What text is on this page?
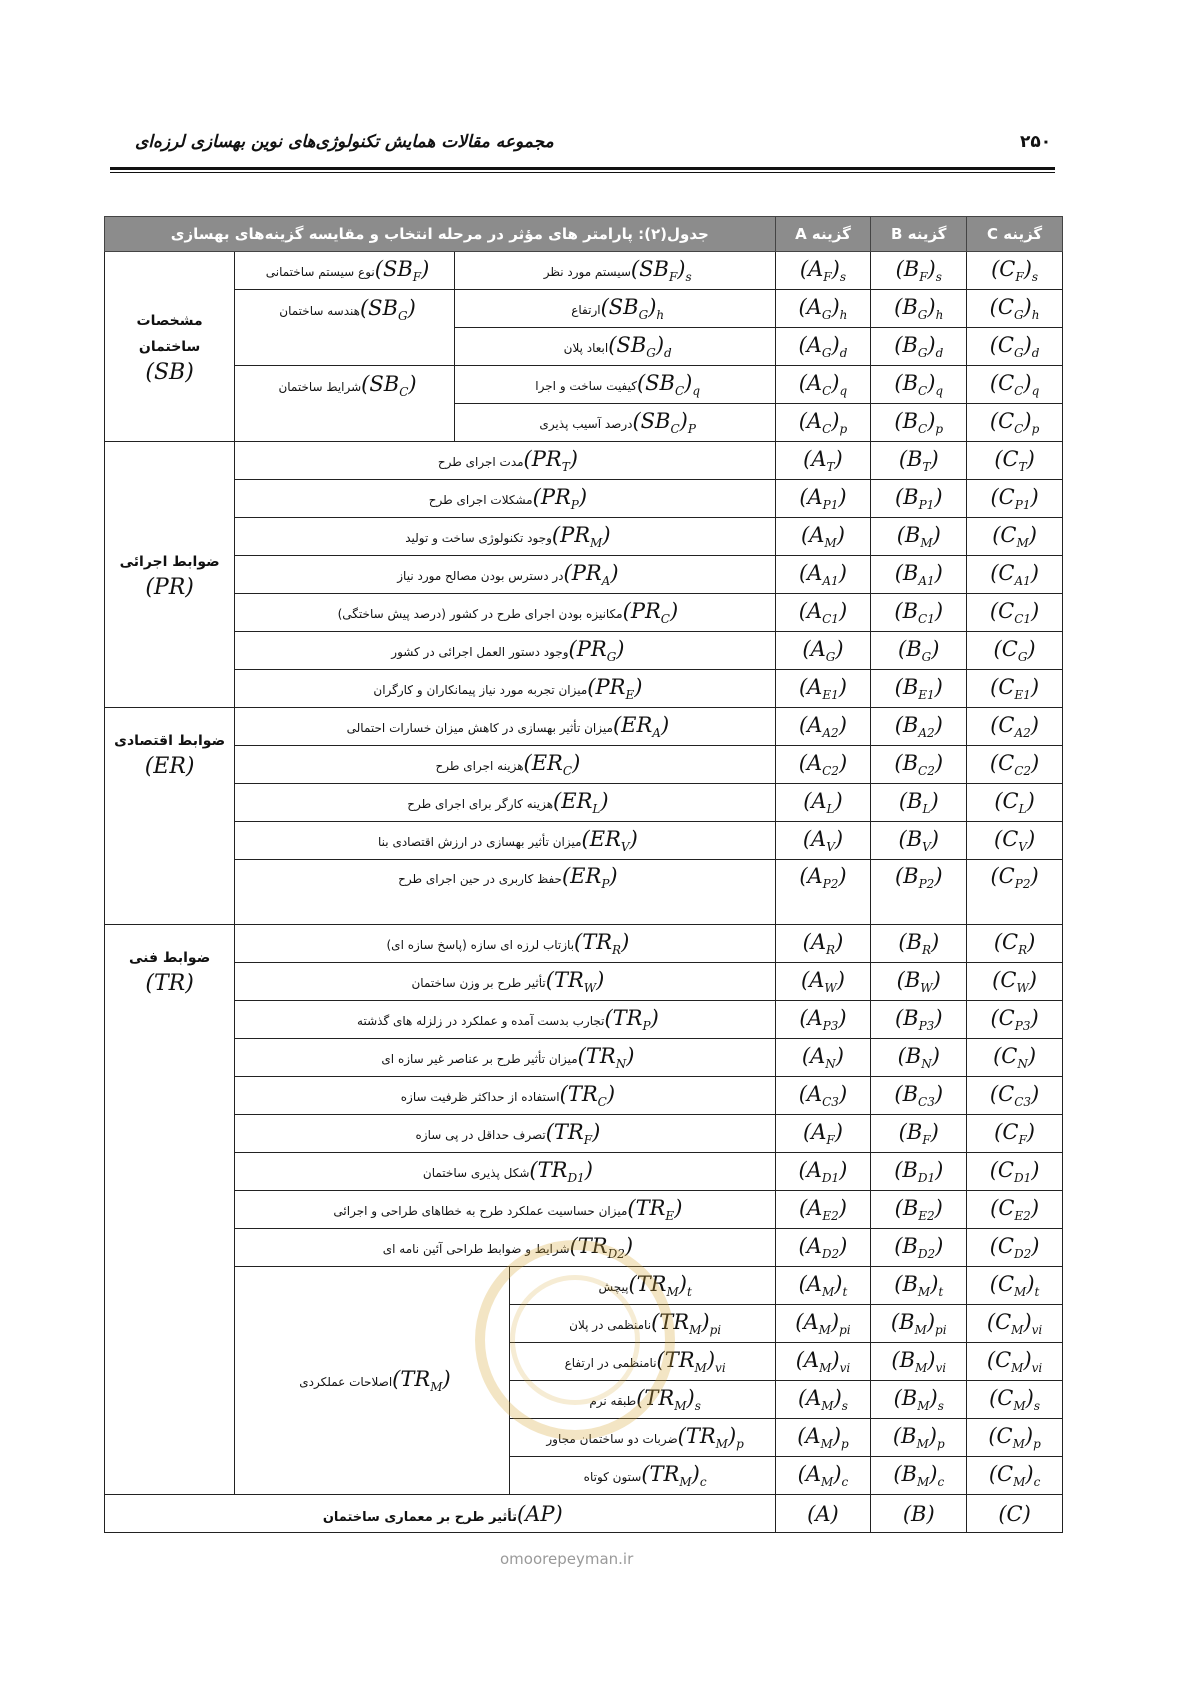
۲۵۰
مجموعه مقالات همایش تکنولوژی‌های نوین بهسازی لرزه‌ای
جدول(۲): پارامتر های مؤثر در مرحله انتخاب و مقایسه گزینه‌های بهسازی				گزینه A	گزینه B	گزینه C
مشخصات ساختمان
(SB)	نوع سیستم $ساختمانی(SB_F)$	سیستم مورد $نظر(SB_F)_s$		$(A_F)_s$	$(B_F)_s$	$(C_F)_s$
	هندسه $ساختمان(SB_G)$	$ارتفاع(SB_G)_h$		$(A_G)_h$	$(B_G)_h$	$(C_G)_h$
		ابعاد $پلان(SB_G)_d$		$(A_G)_d$	$(B_G)_d$	$(C_G)_d$
	شرایط $ساختمان(SB_C)$	کیفیت ساخت و $اجرا(SB_C)_q$		$(A_C)_q$	$(B_C)_q$	$(C_C)_q$
		درصد آسیب $پذیری(SB_C)_P$		$(A_C)_p$	$(B_C)_p$	$(C_C)_p$
ضوابط اجرائی
(PR)	مدت اجرای $طرح(PR_T)$			$(A_T)$	$(B_T)$	$(C_T)$
	مشکلات اجرای $طرح(PR_P)$			$(A_{P1})$	$(B_{P1})$	$(C_{P1})$
	وجود تکنولوژی ساخت و $تولید(PR_M)$			$(A_M)$	$(B_M)$	$(C_M)$
	در دسترس بودن مصالح مورد $نیاز(PR_A)$			$(A_{A1})$	$(B_{A1})$	$(C_{A1})$
	مکانیزه بودن اجرای طرح در کشور (درصد پیش $ساختگی)(PR_C)$			$(A_{C1})$	$(B_{C1})$	$(C_{C1})$
	وجود دستور العمل اجرائی در $کشور(PR_G)$			$(A_G)$	$(B_G)$	$(C_G)$
	میزان تجربه مورد نیاز پیمانکاران و $کارگران(PR_E)$			$(A_{E1})$	$(B_{E1})$	$(C_{E1})$
ضوابط اقتصادی
(ER)	میزان تأثیر بهسازی در کاهش میزان خسارات $احتمالی(ER_A)$			$(A_{A2})$	$(B_{A2})$	$(C_{A2})$
	هزینه اجرای $طرح(ER_C)$			$(A_{C2})$	$(B_{C2})$	$(C_{C2})$
	هزینه کارگر برای اجرای $طرح(ER_L)$			$(A_L)$	$(B_L)$	$(C_L)$
	میزان تأثیر بهسازی در ارزش اقتصادی $بنا(ER_V)$			$(A_V)$	$(B_V)$	$(C_V)$
	حفظ کاربری در حین اجرای $طرح(ER_P)$			$(A_{P2})$	$(B_{P2})$	$(C_{P2})$
ضوابط فنی
(TR)	بازتاب لرزه ای سازه (پاسخ سازه $ای)(TR_R)$			$(A_R)$	$(B_R)$	$(C_R)$
	تأثیر طرح بر وزن $ساختمان(TR_W)$			$(A_W)$	$(B_W)$	$(C_W)$
	تجارب بدست آمده و عملکرد در زلزله های $گذشته(TR_P)$			$(A_{P3})$	$(B_{P3})$	$(C_{P3})$
	میزان تأثیر طرح بر عناصر غیر سازه $ای(TR_N)$			$(A_N)$	$(B_N)$	$(C_N)$
	استفاده از حداکثر ظرفیت $سازه(TR_C)$			$(A_{C3})$	$(B_{C3})$	$(C_{C3})$
	تصرف حداقل در پی $سازه(TR_F)$			$(A_F)$	$(B_F)$	$(C_F)$
	شکل پذیری $ساختمان(TR_{D1})$			$(A_{D1})$	$(B_{D1})$	$(C_{D1})$
	میزان حساسیت عملکرد طرح به خطاهای طراحی و $اجرائی(TR_E)$			$(A_{E2})$	$(B_{E2})$	$(C_{E2})$
	شرایط و ضوابط طراحی آئین نامه $ای(TR_{D2})$			$(A_{D2})$	$(B_{D2})$	$(C_{D2})$
	اصلاحات $عملکردی(TR_M)$		$پیچش(TR_M)_t$	$(A_M)_t$	$(B_M)_t$	$(C_M)_t$
			نامنظمی در $پلان(TR_M)_{pi}$	$(A_M)_{pi}$	$(B_M)_{pi}$	$(C_M)_{vi}$
			نامنظمی در $ارتفاع(TR_M)_{vi}$	$(A_M)_{vi}$	$(B_M)_{vi}$	$(C_M)_{vi}$
			طبقه $نرم(TR_M)_s$	$(A_M)_s$	$(B_M)_s$	$(C_M)_s$
			ضربات دو ساختمان $مجاور(TR_M)_p$	$(A_M)_p$	$(B_M)_p$	$(C_M)_p$
			ستون $کوتاه(TR_M)_c$	$(A_M)_c$	$(B_M)_c$	$(C_M)_c$
تأثیر طرح بر معماری ساختمان(AP)				(A)	(B)	(C)
omoorepeyman.ir
